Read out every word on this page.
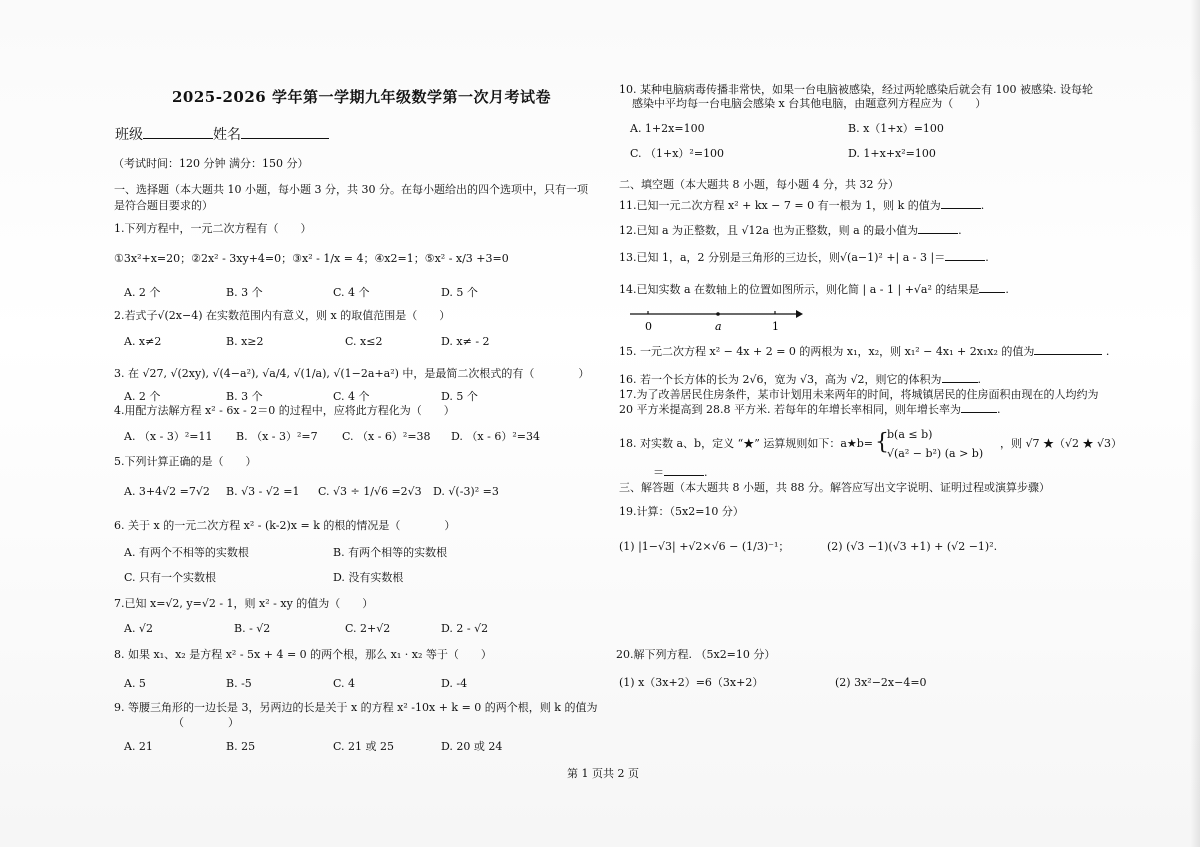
2025-2026 学年第一学期九年级数学第一次月考试卷
班级	姓名
（考试时间：120 分钟 满分：150 分）
一、选择题（本大题共 10 小题，每小题 3 分，共 30 分。在每小题给出的四个选项中，只有一项
是符合题目要求的）
1.下列方程中，一元二次方程有（　　）
①3x²+x=20；②2x² - 3xy+4=0；③x² - 1/x = 4；④x2=1；⑤x² - x/3 +3=0
A. 2 个	B. 3 个	C. 4 个	D. 5 个
2.若式子√(2x−4) 在实数范围内有意义，则 x 的取值范围是（　　）
A. x≠2	B. x≥2	C. x≤2	D. x≠ - 2
3. 在 √27, √(2xy), √(4−a²), √a/4, √(1/a), √(1−2a+a²) 中，是最简二次根式的有（　　　　）
A. 2 个	B. 3 个	C. 4 个	D. 5 个
4.用配方法解方程 x² - 6x - 2＝0 的过程中，应将此方程化为（　　）
A. （x - 3）²=11 B. （x - 3）²=7 C. （x - 6）²=38 D. （x - 6）²=34
5.下列计算正确的是（　　）
A. 3+4√2 =7√2 B. √3 - √2 =1 C. √3 ÷ 1/√6 =2√3 D. √(-3)² =3
6. 关于 x 的一元二次方程 x² - (k-2)x = k 的根的情况是（　　　　）
A. 有两个不相等的实数根	B. 有两个相等的实数根
C. 只有一个实数根	D. 没有实数根
7.已知 x=√2, y=√2 - 1，则 x² - xy 的值为（　　）
A. √2	B. - √2	C. 2+√2	D. 2 - √2
8. 如果 x₁、x₂ 是方程 x² - 5x + 4 = 0 的两个根，那么 x₁ · x₂ 等于（　　）
A. 5	B. -5	C. 4	D. -4
9. 等腰三角形的一边长是 3，另两边的长是关于 x 的方程 x² -10x + k = 0 的两个根，则 k 的值为
（　　　　）
A. 21	B. 25	C. 21 或 25	D. 20 或 24
10. 某种电脑病毒传播非常快，如果一台电脑被感染，经过两轮感染后就会有 100 被感染. 设每轮
感染中平均每一台电脑会感染 x 台其他电脑，由题意列方程应为（　　）
A. 1+2x=100	B. x（1+x）=100
C. （1+x）²=100	D. 1+x+x²=100
二、填空题（本大题共 8 小题，每小题 4 分，共 32 分）
11.已知一元二次方程 x² + kx − 7 = 0 有一根为 1，则 k 的值为	.
12.已知 a 为正整数，且 √12a 也为正整数，则 a 的最小值为	.
13.已知 1，a，2 分别是三角形的三边长，则√(a−1)² +| a - 3 |＝	.
14.已知实数 a 在数轴上的位置如图所示，则化简 | a - 1 | +√a² 的结果是 .
0	a	1
15. 一元二次方程 x² − 4x + 2 = 0 的两根为 x₁，x₂，则 x₁² − 4x₁ + 2x₁x₂ 的值为	.
16. 若一个长方体的长为 2√6，宽为 √3，高为 √2，则它的体积为	.
17.为了改善居民住房条件，某市计划用未来两年的时间，将城镇居民的住房面积由现在的人均约为
20 平方米提高到 28.8 平方米. 若每年的年增长率相同，则年增长率为	.
18. 对实数 a、b，定义 “★” 运算规则如下：a★b= {
b(a ≤ b)
√(a² − b²) (a > b)
，则 √7 ★（√2 ★ √3）
＝	.
三、解答题（本大题共 8 小题，共 88 分。解答应写出文字说明、证明过程或演算步骤）
19.计算：（5x2=10 分）
(1) |1−√3| +√2×√6 − (1/3)⁻¹；	(2) (√3 −1)(√3 +1) + (√2 −1)².
20.解下列方程. （5x2=10 分）
(1) x（3x+2）=6（3x+2）	(2) 3x²−2x−4=0
第 1 页共 2 页
